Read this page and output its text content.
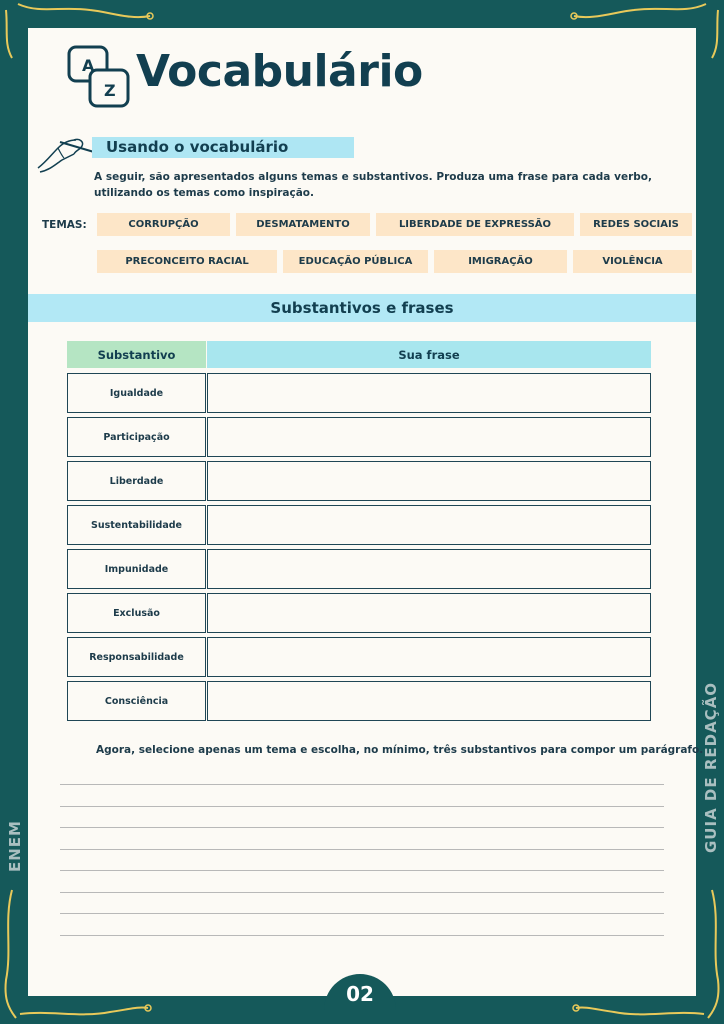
ENEM	GUIA DE REDAÇÃO
A
Z Vocabulário
Usando o vocabulário
A seguir, são apresentados alguns temas e substantivos. Produza uma frase para cada verbo, utilizando os temas como inspiração.
TEMAS:	CORRUPÇÃO	DESMATAMENTO	LIBERDADE DE EXPRESSÃO	REDES SOCIAIS
PRECONCEITO RACIAL	EDUCAÇÃO PÚBLICA	IMIGRAÇÃO	VIOLÊNCIA
Substantivos e frases
Substantivo	Sua frase
Igualdade
Participação
Liberdade
Sustentabilidade
Impunidade
Exclusão
Responsabilidade
Consciência
Agora, selecione apenas um tema e escolha, no mínimo, três substantivos para compor um parágrafo.
02
